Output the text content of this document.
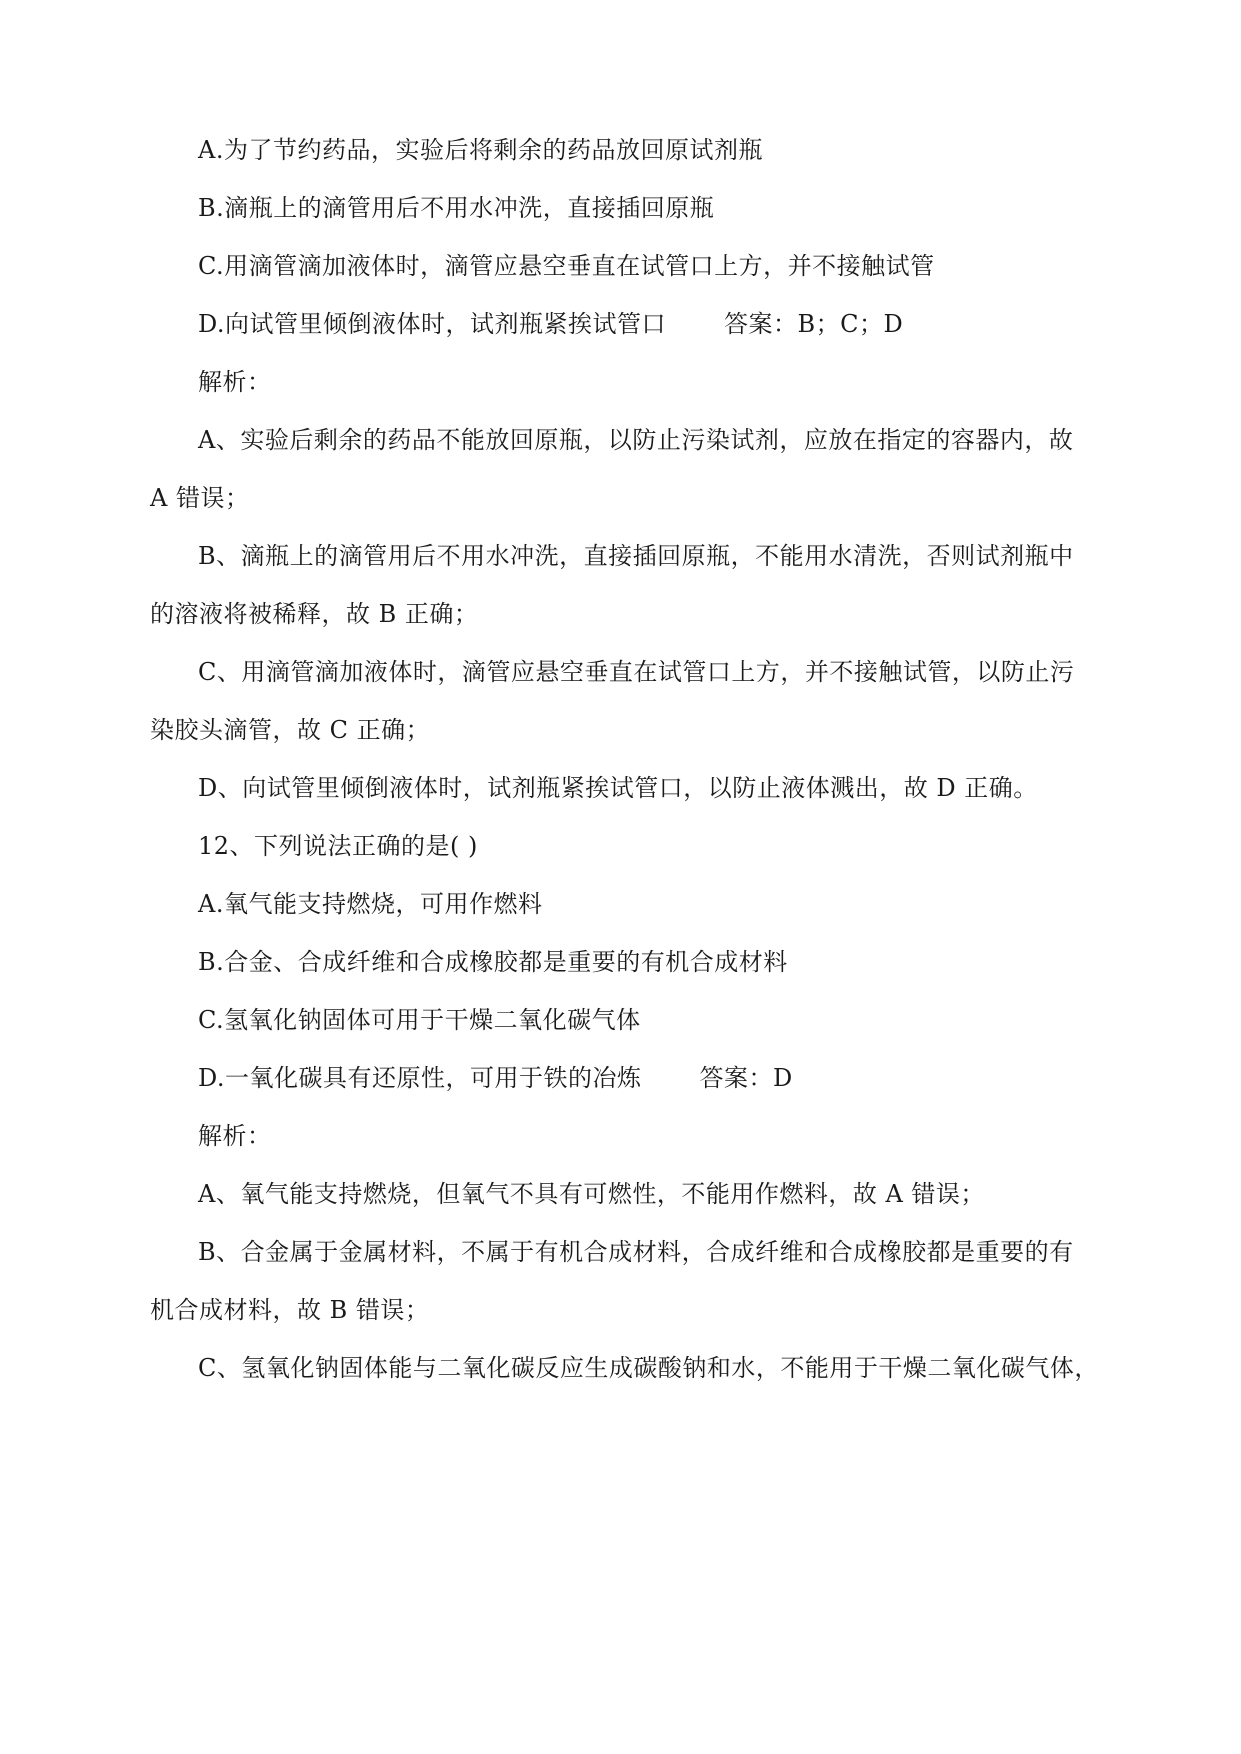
A.为了节约药品，实验后将剩余的药品放回原试剂瓶
B.滴瓶上的滴管用后不用水冲洗，直接插回原瓶
C.用滴管滴加液体时，滴管应悬空垂直在试管口上方，并不接触试管
D.向试管里倾倒液体时，试剂瓶紧挨试管口 答案：B；C；D
解析：
A、实验后剩余的药品不能放回原瓶，以防止污染试剂，应放在指定的容器内，故
A 错误；
B、滴瓶上的滴管用后不用水冲洗，直接插回原瓶，不能用水清洗，否则试剂瓶中
的溶液将被稀释，故 B 正确；
C、用滴管滴加液体时，滴管应悬空垂直在试管口上方，并不接触试管，以防止污
染胶头滴管，故 C 正确；
D、向试管里倾倒液体时，试剂瓶紧挨试管口，以防止液体溅出，故 D 正确。
12、下列说法正确的是( )
A.氧气能支持燃烧，可用作燃料
B.合金、合成纤维和合成橡胶都是重要的有机合成材料
C.氢氧化钠固体可用于干燥二氧化碳气体
D.一氧化碳具有还原性，可用于铁的冶炼 答案：D
解析：
A、氧气能支持燃烧，但氧气不具有可燃性，不能用作燃料，故 A 错误；
B、合金属于金属材料，不属于有机合成材料，合成纤维和合成橡胶都是重要的有
机合成材料，故 B 错误；
C、氢氧化钠固体能与二氧化碳反应生成碳酸钠和水，不能用于干燥二氧化碳气体，
